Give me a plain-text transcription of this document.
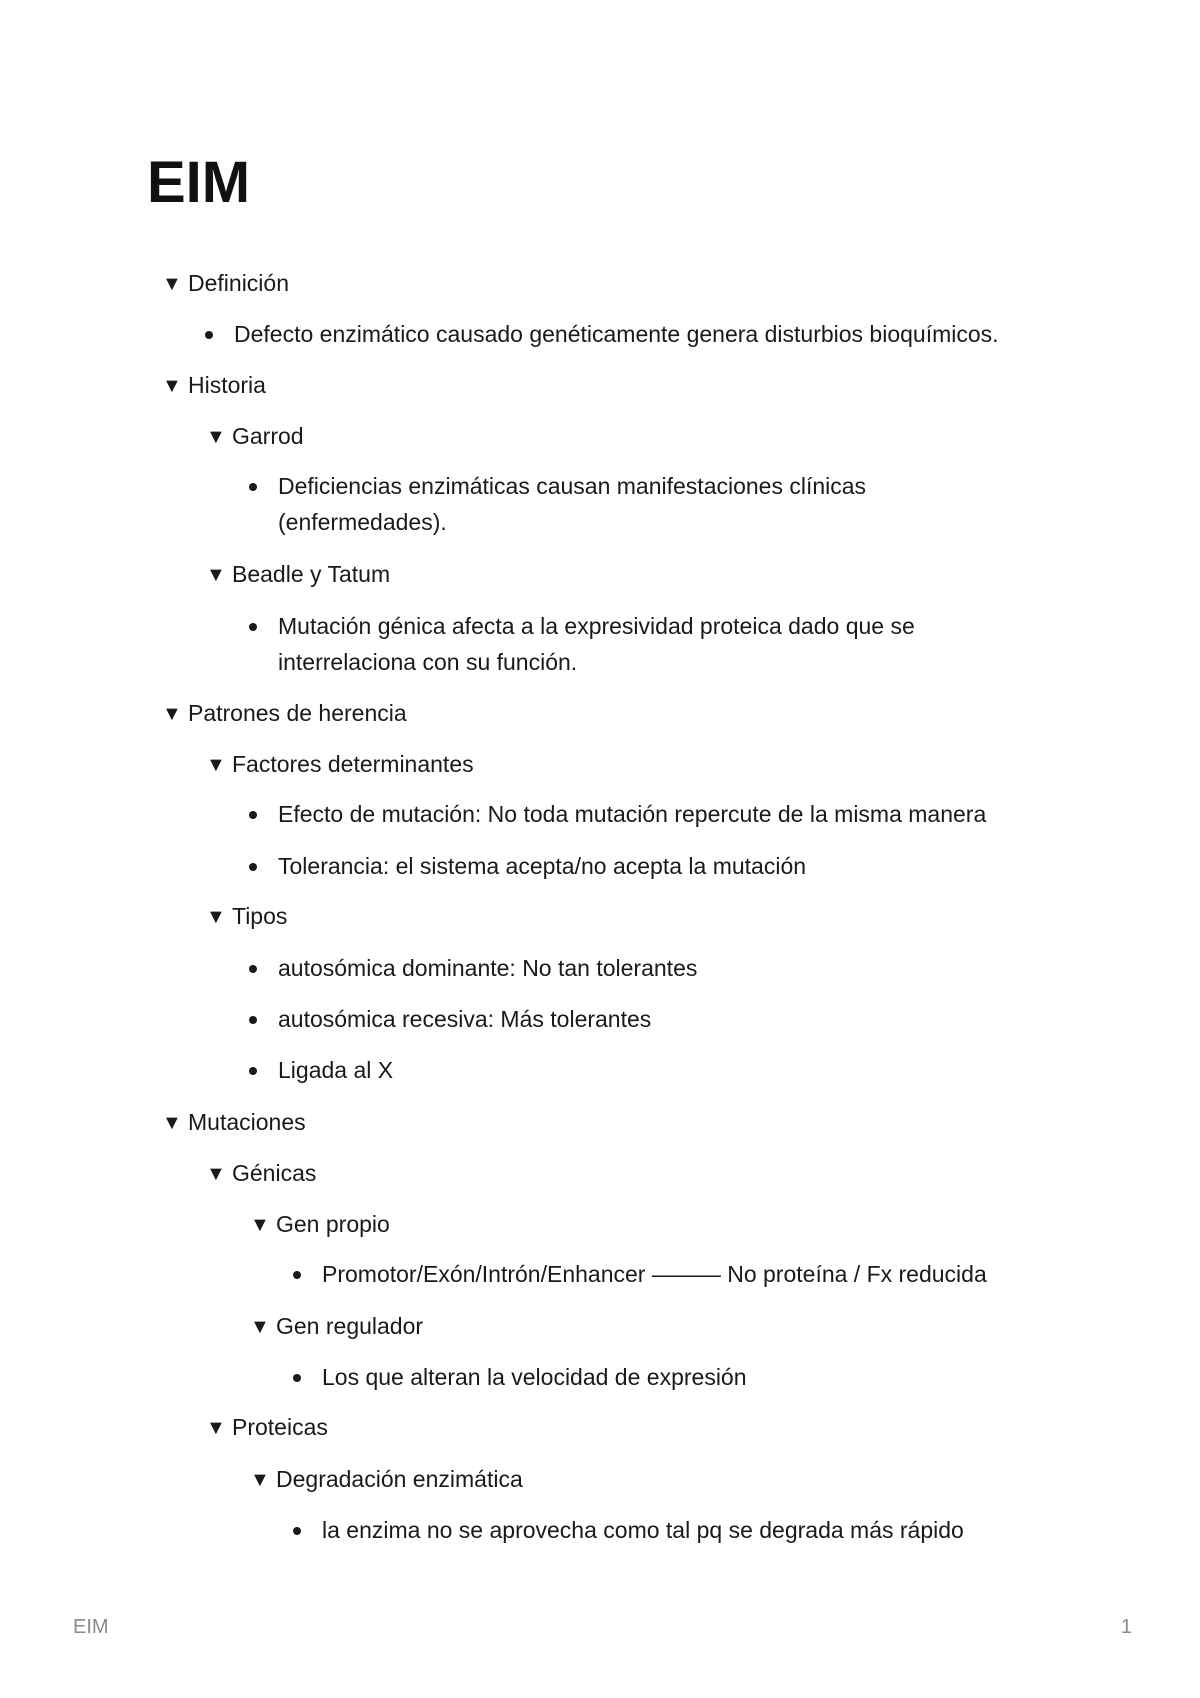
EIM
▼ Definición
Defecto enzimático causado genéticamente genera disturbios bioquímicos.
▼ Historia
▼ Garrod
Deficiencias enzimáticas causan manifestaciones clínicas (enfermedades).
▼ Beadle y Tatum
Mutación génica afecta a la expresividad proteica dado que se interrelaciona con su función.
▼ Patrones de herencia
▼ Factores determinantes
Efecto de mutación: No toda mutación repercute de la misma manera
Tolerancia: el sistema acepta/no acepta la mutación
▼ Tipos
autosómica dominante: No tan tolerantes
autosómica recesiva: Más tolerantes
Ligada al X
▼ Mutaciones
▼ Génicas
▼ Gen propio
Promotor/Exón/Intrón/Enhancer ——— No proteína / Fx reducida
▼ Gen regulador
Los que alteran la velocidad de expresión
▼ Proteicas
▼ Degradación enzimática
la enzima no se aprovecha como tal pq se degrada más rápido
EIM	1
